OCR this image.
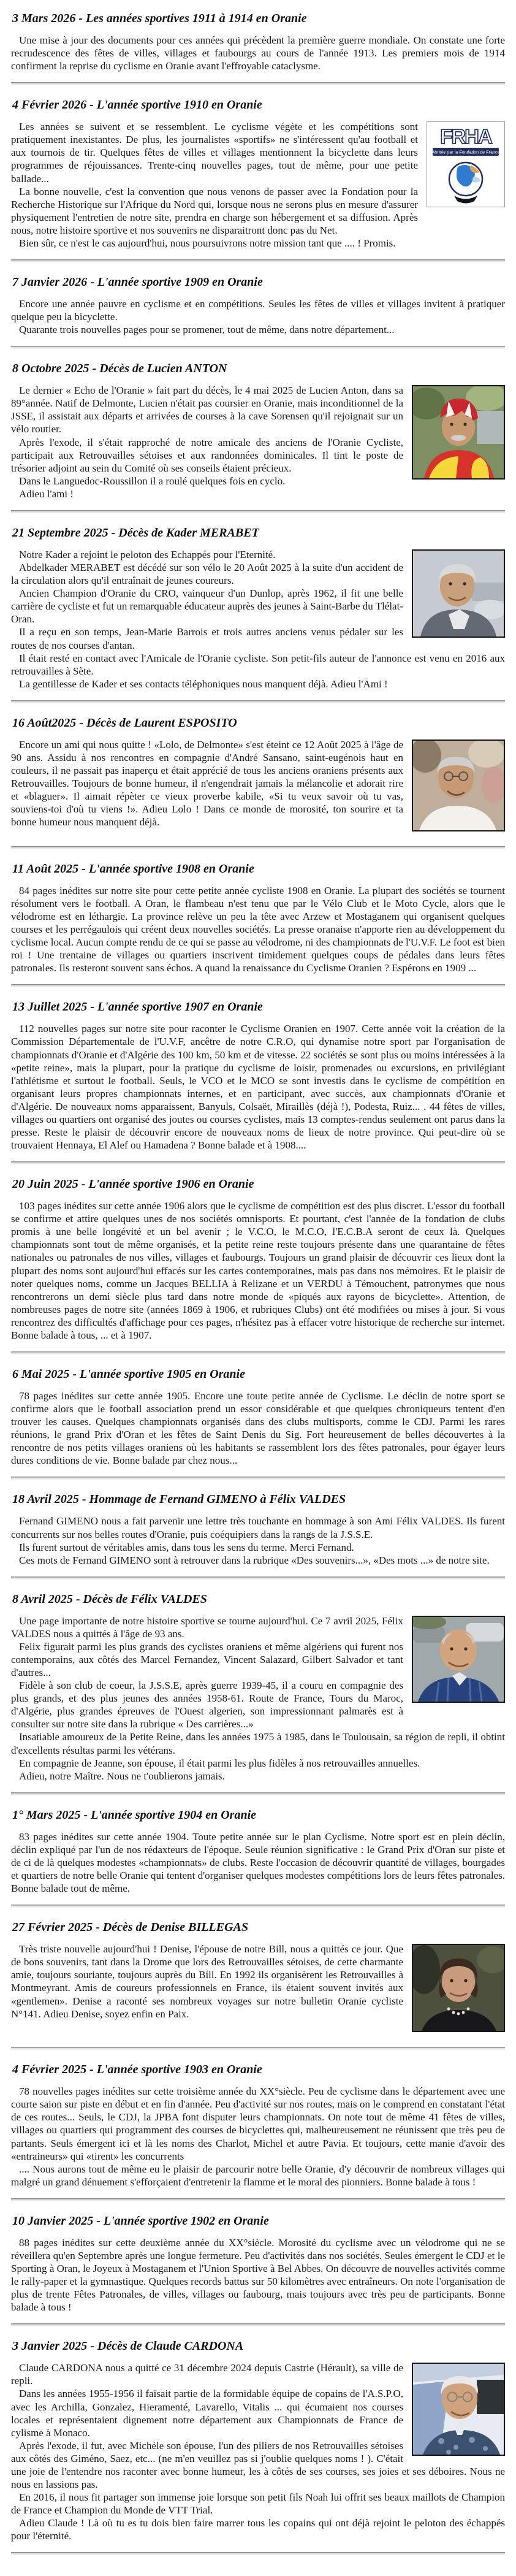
3 Mars 2026 - Les années sportives 1911 à 1914 en Oranie

Une mise à jour des documents pour ces années qui précèdent la première guerre mondiale. On constate une forte recrudescence des fêtes de villes, villages et faubourgs au cours de l'année 1913. Les premiers mois de 1914 confirment la reprise du cyclisme en Oranie avant l'effroyable cataclysme.

4 Février 2026 - L'année sportive 1910 en Oranie
FRHA
Abritée par la Fondation de France

Les années se suivent et se ressemblent. Le cyclisme végète et les compétitions sont pratiquement inexistantes. De plus, les journalistes «sportifs» ne s'intéressent qu'au football et aux tournois de tir. Quelques fêtes de villes et villages mentionnent la bicyclette dans leurs programmes de réjouissances. Trente-cinq nouvelles pages, tout de même, pour une petite ballade...

La bonne nouvelle, c'est la convention que nous venons de passer avec la Fondation pour la Recherche Historique sur l'Afrique du Nord qui, lorsque nous ne serons plus en mesure d'assurer physiquement l'entretien de notre site, prendra en charge son hébergement et sa diffusion. Après nous, notre histoire sportive et nos souvenirs ne disparaitront donc pas du Net.

Bien sûr, ce n'est le cas aujourd'hui, nous poursuivrons notre mission tant que .... ! Promis.

7 Janvier 2026 - L'année sportive 1909 en Oranie

Encore une année pauvre en cyclisme et en compétitions. Seules les fêtes de villes et villages invitent à pratiquer quelque peu la bicyclette.

Quarante trois nouvelles pages pour se promener, tout de même, dans notre département...

8 Octobre 2025 - Décès de Lucien ANTON

Le dernier « Echo de l'Oranie » fait part du décès, le 4 mai 2025 de Lucien Anton, dans sa 89°année. Natif de Delmonte, Lucien n'était pas coursier en Oranie, mais inconditionnel de la JSSE, il assistait aux départs et arrivées de courses à la cave Sorensen qu'il rejoignait sur un vélo routier.

Après l'exode, il s'était rapproché de notre amicale des anciens de l'Oranie Cycliste, participait aux Retrouvailles sétoises et aux randonnées dominicales. Il tint le poste de trésorier adjoint au sein du Comité où ses conseils étaient précieux.

Dans le Languedoc-Roussillon il a roulé quelques fois en cyclo.

Adieu l'ami !

21 Septembre 2025 - Décès de Kader MERABET

Notre Kader a rejoint le peloton des Echappés pour l'Eternité.

Abdelkader MERABET est décédé sur son vélo le 20 Août 2025 à la suite d'un accident de la circulation alors qu'il entraînait de jeunes coureurs.

Ancien Champion d'Oranie du CRO, vainqueur d'un Dunlop, après 1962, il fit une belle carrière de cycliste et fut un remarquable éducateur auprès des jeunes à Saint-Barbe du Tlélat-Oran.

Il a reçu en son temps, Jean-Marie Barrois et trois autres anciens venus pédaler sur les routes de nos courses d'antan.

Il était resté en contact avec l'Amicale de l'Oranie cycliste. Son petit-fils auteur de l'annonce est venu en 2016 aux retrouvailles à Sète.

La gentillesse de Kader et ses contacts téléphoniques nous manquent déjà. Adieu l'Ami !

16 Août2025 - Décès de Laurent ESPOSITO

Encore un ami qui nous quitte ! «Lolo, de Delmonte» s'est éteint ce 12 Août 2025 à l'âge de 90 ans. Assidu à nos rencontres en compagnie d'André Sansano, saint-eugénois haut en couleurs, il ne passait pas inaperçu et était apprécié de tous les anciens oraniens présents aux Retrouvailles. Toujours de bonne humeur, il n'engendrait jamais la mélancolie et adorait rire et «blaguer». Il aimait répèter ce vieux proverbe kabile, «Si tu veux savoir où tu vas, souviens-toi d'où tu viens !». Adieu Lolo ! Dans ce monde de morosité, ton sourire et ta bonne humeur nous manquent déjà.

11 Août 2025 - L'année sportive 1908 en Oranie

84 pages inédites sur notre site pour cette petite année cycliste 1908 en Oranie. La plupart des sociétés se tournent résolument vers le football. A Oran, le flambeau n'est tenu que par le Vélo Club et le Moto Cycle, alors que le vélodrome est en léthargie. La province relève un peu la tête avec Arzew et Mostaganem qui organisent quelques courses et les perrégaulois qui créent deux nouvelles sociétés. La presse oranaise n'apporte rien au développement du cyclisme local. Aucun compte rendu de ce qui se passe au vélodrome, ni des championnats de l'U.V.F. Le foot est bien roi ! Une trentaine de villages ou quartiers inscrivent timidement quelques coups de pédales dans leurs fêtes patronales. Ils resteront souvent sans échos. A quand la renaissance du Cyclisme Oranien ? Espérons en 1909 ...

13 Juillet 2025 - L'année sportive 1907 en Oranie

112 nouvelles pages sur notre site pour raconter le Cyclisme Oranien en 1907. Cette année voit la création de la Commission Départementale de l'U.V.F, ancêtre de notre C.R.O, qui dynamise notre sport par l'organisation de championnats d'Oranie et d'Algérie des 100 km, 50 km et de vitesse. 22 sociétés se sont plus ou moins intéressées à la «petite reine», mais la plupart, pour la pratique du cyclisme de loisir, promenades ou excursions, en privilégiant l'athlétisme et surtout le football. Seuls, le VCO et le MCO se sont investis dans le cyclisme de compétition en organisant leurs propres championnats internes, et en participant, avec succès, aux championnats d'Oranie et d'Algérie. De nouveaux noms apparaissent, Banyuls, Colsaët, Miraillès (déjà !), Podesta, Ruiz... . 44 fêtes de villes, villages ou quartiers ont organisé des joutes ou courses cyclistes, mais 13 comptes-rendus seulement ont parus dans la presse. Reste le plaisir de découvrir encore de nouveaux noms de lieux de notre province. Qui peut-dire où se trouvaient Hennaya, El Alef ou Hamadena ? Bonne balade et à 1908....

20 Juin 2025 - L'année sportive 1906 en Oranie

103 pages inédites sur cette année 1906 alors que le cyclisme de compétition est des plus discret. L'essor du football se confirme et attire quelques unes de nos sociétés omnisports. Et pourtant, c'est l'année de la fondation de clubs promis à une belle longévité et un bel avenir ; le V.C.O, le M.C.O, l'E.C.B.A seront de ceux là. Quelques championnats sont tout de même organisés, et la petite reine reste toujours présente dans une quarantaine de fêtes nationales ou patronales de nos villes, villages et faubourgs. Toujours un grand plaisir de découvrir ces lieux dont la plupart des noms sont aujourd'hui effacés sur les cartes contemporaines, mais pas dans nos mémoires. Et le plaisir de noter quelques noms, comme un Jacques BELLIA à Relizane et un VERDU à Témouchent, patronymes que nous rencontrerons un demi siècle plus tard dans notre monde de «piqués aux rayons de bicyclette». Attention, de nombreuses pages de notre site (années 1869 à 1906, et rubriques Clubs) ont été modifiées ou mises à jour. Si vous rencontrez des difficultés d'affichage pour ces pages, n'hésitez pas à effacer votre historique de recherche sur internet. Bonne balade à tous, ... et à 1907.

6 Mai 2025 - L'année sportive 1905 en Oranie

78 pages inédites sur cette année 1905. Encore une toute petite année de Cyclisme. Le déclin de notre sport se confirme alors que le football association prend un essor considérable et que quelques chroniqueurs tentent d'en trouver les causes. Quelques championnats organisés dans des clubs multisports, comme le CDJ. Parmi les rares réunions, le grand Prix d'Oran et les fêtes de Saint Denis du Sig. Fort heureusement de belles découvertes à la rencontre de nos petits villages oraniens où les habitants se rassemblent lors des fêtes patronales, pour égayer leurs dures conditions de vie. Bonne balade par chez nous...

18 Avril 2025 - Hommage de Fernand GIMENO à Félix VALDES

Fernand GIMENO nous a fait parvenir une lettre très touchante en hommage à son Ami Félix VALDES. Ils furent concurrents sur nos belles routes d'Oranie, puis coéquipiers dans la rangs de la J.S.S.E.

Ils furent surtout de véritables amis, dans tous les sens du terme. Merci Fernand.

Ces mots de Fernand GIMENO sont à retrouver dans la rubrique «Des souvenirs...», «Des mots ...» de notre site.

8 Avril 2025 - Décès de Félix VALDES

Une page importante de notre histoire sportive se tourne aujourd'hui. Ce 7 avril 2025, Félix VALDES nous a quittés à l'âge de 93 ans.

Felix figurait parmi les plus grands des cyclistes oraniens et même algériens qui furent nos contemporains, aux côtés des Marcel Fernandez, Vincent Salazard, Gilbert Salvador et tant d'autres...

Fidèle à son club de coeur, la J.S.S.E, après guerre 1939-45, il a couru en compagnie des plus grands, et des plus jeunes des années 1958-61. Route de France, Tours du Maroc, d'Algérie, plus grandes épreuves de l'Ouest algerien, son impressionnant palmarès est à consulter sur notre site dans la rubrique « Des carrières...»

Insatiable amoureux de la Petite Reine, dans les années 1975 à 1985, dans le Toulousain, sa région de repli, il obtint d'excellents résultas parmi les vétérans.

En compagnie de Jeanne, son épouse, il était parmi les plus fidèles à nos retrouvailles annuelles.

Adieu, notre Maître. Nous ne t'oublierons jamais.

1° Mars 2025 - L'année sportive 1904 en Oranie

83 pages inédites sur cette année 1904. Toute petite année sur le plan Cyclisme. Notre sport est en plein déclin, déclin expliqué par l'un de nos rédaxteurs de l'époque. Seule réunion significative : le Grand Prix d'Oran sur piste et de ci de là quelques modestes «championnats» de clubs. Reste l'occasion de découvrir quantité de villages, bourgades et quartiers de notre belle Oranie qui tentent d'organiser quelques modestes compétitions lors de leurs fêtes patronales. Bonne balade tout de même.

27 Février 2025 - Décès de Denise BILLEGAS

Très triste nouvelle aujourd'hui ! Denise, l'épouse de notre Bill, nous a quittés ce jour. Que de bons souvenirs, tant dans la Drome que lors des Retrouvailles sétoises, de cette charmante amie, toujours souriante, toujours auprès du Bill. En 1992 ils organisèrent les Retrouvailles à Montmeyrant. Amis de coureurs professionnels en France, ils étaient souvent invités aux «gentlemen». Denise a raconté ses nombreux voyages sur notre bulletin Oranie cycliste N°141. Adieu Denise, soyez enfin en Paix.

4 Février 2025 - L'année sportive 1903 en Oranie

78 nouvelles pages inédites sur cette troisième année du XX°siècle. Peu de cyclisme dans le département avec une courte saion sur piste en début et en fin d'année. Peu d'activité sur nos routes, mais on le comprend en constatant l'état de ces routes... Seuls, le CDJ, la JPBA font disputer leurs championnats. On note tout de même 41 fêtes de villes, villages ou quartiers qui programment des courses de bicyclettes qui, malheureusement ne réunissent que très peu de partants. Seuls émergent ici et là les noms des Charlot, Michel et autre Pavia. Et toujours, cette manie d'avoir des «entraineurs» qui «tirent» les concurrents

.... Nous aurons tout de même eu le plaisir de parcourir notre belle Oranie, d'y découvrir de nombreux villages qui malgré un grand dénuement s'efforçaient d'entretenir la flamme et le moral des pionniers. Bonne balade à tous !

10 Janvier 2025 - L'année sportive 1902 en Oranie

88 pages inédites sur cette deuxième année du XX°siècle. Morosité du cyclisme avec un vélodrome qui ne se réveillera qu'en Septembre après une longue fermeture. Peu d'activités dans nos sociétés. Seules émergent le CDJ et le Sporting à Oran, le Joyeux à Mostaganem et l'Union Sportive à Bel Abbes. On découvre de nouvelles activités comme le rally-paper et la gymnastique. Quelques records battus sur 50 kilomètres avec entraîneurs. On note l'organisation de plus de trente Fêtes Patronales, de villes, villages ou faubourg, mais toujours avec très peu de participants. Bonne balade à tous !

3 Janvier 2025 - Décès de Claude CARDONA

Claude CARDONA nous a quitté ce 31 décembre 2024 depuis Castrie (Hérault), sa ville de repli.

Dans les années 1955-1956 il faisait partie de la formidable équipe de copains de l'A.S.P.O, avec les Archilla, Gonzalez, Hieramenté, Lavarello, Vitalis ... qui écumaient nos courses locales et représentaient dignement notre département aux Championnats de France de cylisme à Monaco.

Après l'exode, il fut, avec Michèle son épouse, l'un des piliers de nos Retrouvailles sétoises aux côtés des Giméno, Saez, etc... (ne m'en veuillez pas si j'oublie quelques noms ! ). C'était une joie de l'entendre nos raconter avec bonne humeur, les à côtés de ses courses, ses joies et ses déboires. Nous ne nous en lassions pas.

En 2016, il nous fit partager son immense joie lorsque son petit fils Noah lui offrit ses beaux maillots de Champion de France et Champion du Monde de VTT Trial.

Adieu Claude ! Là où tu es tu dois bien faire marrer tous les copains qui ont déjà rejoint le peloton des échappés pour l'éternité.
